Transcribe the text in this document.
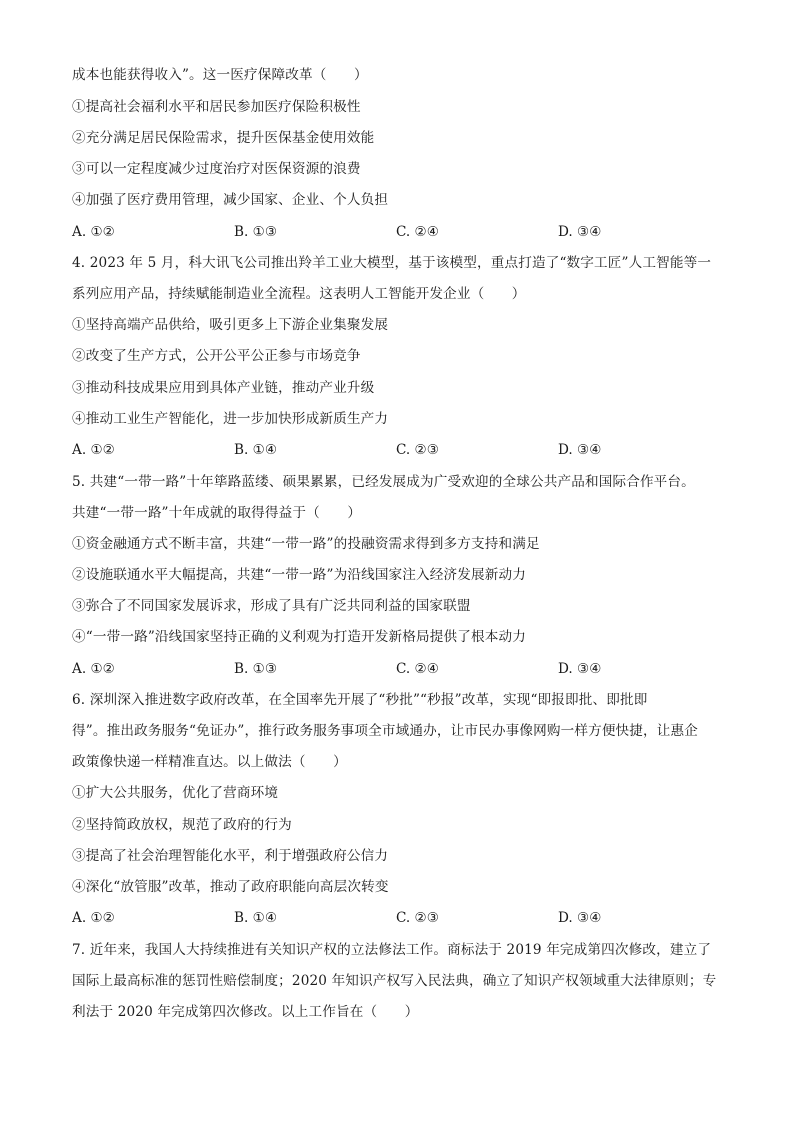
成本也能获得收入”。这一医疗保障改革（　　）
①提高社会福利水平和居民参加医疗保险积极性
②充分满足居民保险需求，提升医保基金使用效能
③可以一定程度减少过度治疗对医保资源的浪费
④加强了医疗费用管理，减少国家、企业、个人负担
A. ①②	B. ①③	C. ②④	D. ③④
4. 2023 年 5 月，科大讯飞公司推出羚羊工业大模型，基于该模型，重点打造了“数字工匠”人工智能等一
系列应用产品，持续赋能制造业全流程。这表明人工智能开发企业（　　）
①坚持高端产品供给，吸引更多上下游企业集聚发展
②改变了生产方式，公开公平公正参与市场竞争
③推动科技成果应用到具体产业链，推动产业升级
④推动工业生产智能化，进一步加快形成新质生产力
A. ①②	B. ①④	C. ②③	D. ③④
5. 共建“一带一路”十年筚路蓝缕、硕果累累，已经发展成为广受欢迎的全球公共产品和国际合作平台。
共建“一带一路”十年成就的取得得益于（　　）
①资金融通方式不断丰富，共建“一带一路”的投融资需求得到多方支持和满足
②设施联通水平大幅提高，共建“一带一路”为沿线国家注入经济发展新动力
③弥合了不同国家发展诉求，形成了具有广泛共同利益的国家联盟
④“一带一路”沿线国家坚持正确的义利观为打造开发新格局提供了根本动力
A. ①②	B. ①③	C. ②④	D. ③④
6. 深圳深入推进数字政府改革，在全国率先开展了“秒批”“秒报”改革，实现“即报即批、即批即
得”。推出政务服务“免证办”，推行政务服务事项全市域通办，让市民办事像网购一样方便快捷，让惠企
政策像快递一样精准直达。以上做法（　　）
①扩大公共服务，优化了营商环境
②坚持简政放权，规范了政府的行为
③提高了社会治理智能化水平，利于增强政府公信力
④深化“放管服”改革，推动了政府职能向高层次转变
A. ①②	B. ①④	C. ②③	D. ③④
7. 近年来，我国人大持续推进有关知识产权的立法修法工作。商标法于 2019 年完成第四次修改，建立了
国际上最高标准的惩罚性赔偿制度；2020 年知识产权写入民法典，确立了知识产权领域重大法律原则；专
利法于 2020 年完成第四次修改。以上工作旨在（　　）
